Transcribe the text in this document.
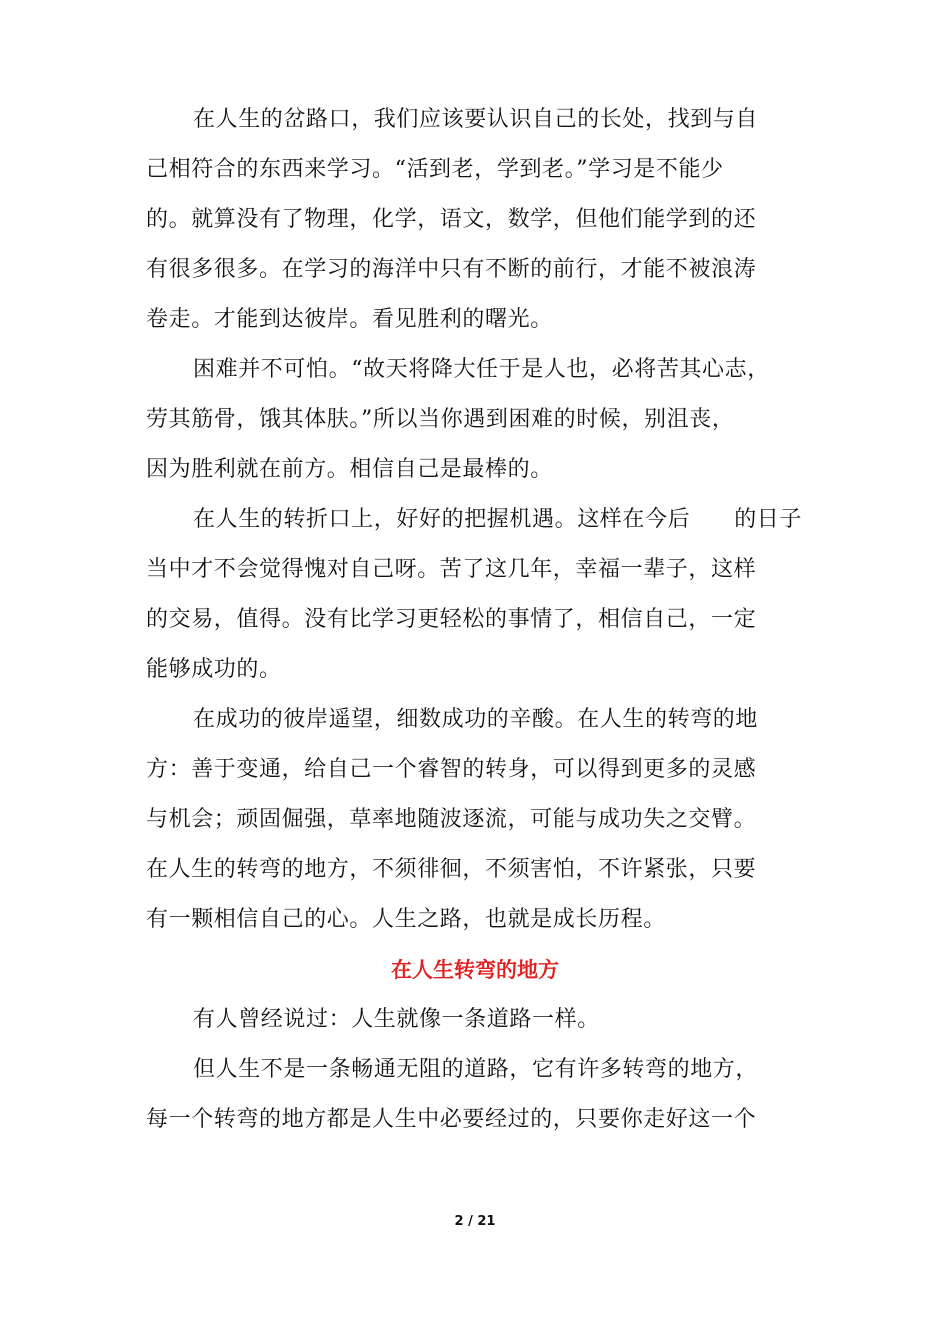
在人生的岔路口，我们应该要认识自己的长处，找到与自
己相符合的东西来学习。“活到老，学到老。”学习是不能少
的。就算没有了物理，化学，语文，数学，但他们能学到的还
有很多很多。在学习的海洋中只有不断的前行，才能不被浪涛
卷走。才能到达彼岸。看见胜利的曙光。
困难并不可怕。“故天将降大任于是人也，必将苦其心志，
劳其筋骨，饿其体肤。”所以当你遇到困难的时候，别沮丧，
因为胜利就在前方。相信自己是最棒的。
在人生的转折口上，好好的把握机遇。这样在今后 的日子
当中才不会觉得愧对自己呀。苦了这几年，幸福一辈子，这样
的交易，值得。没有比学习更轻松的事情了，相信自己，一定
能够成功的。
在成功的彼岸遥望，细数成功的辛酸。在人生的转弯的地
方：善于变通，给自己一个睿智的转身，可以得到更多的灵感
与机会；顽固倔强，草率地随波逐流，可能与成功失之交臂。
在人生的转弯的地方，不须徘徊，不须害怕，不许紧张，只要
有一颗相信自己的心。人生之路，也就是成长历程。
在人生转弯的地方
有人曾经说过：人生就像一条道路一样。
但人生不是一条畅通无阻的道路，它有许多转弯的地方，
每一个转弯的地方都是人生中必要经过的，只要你走好这一个
2 / 21
